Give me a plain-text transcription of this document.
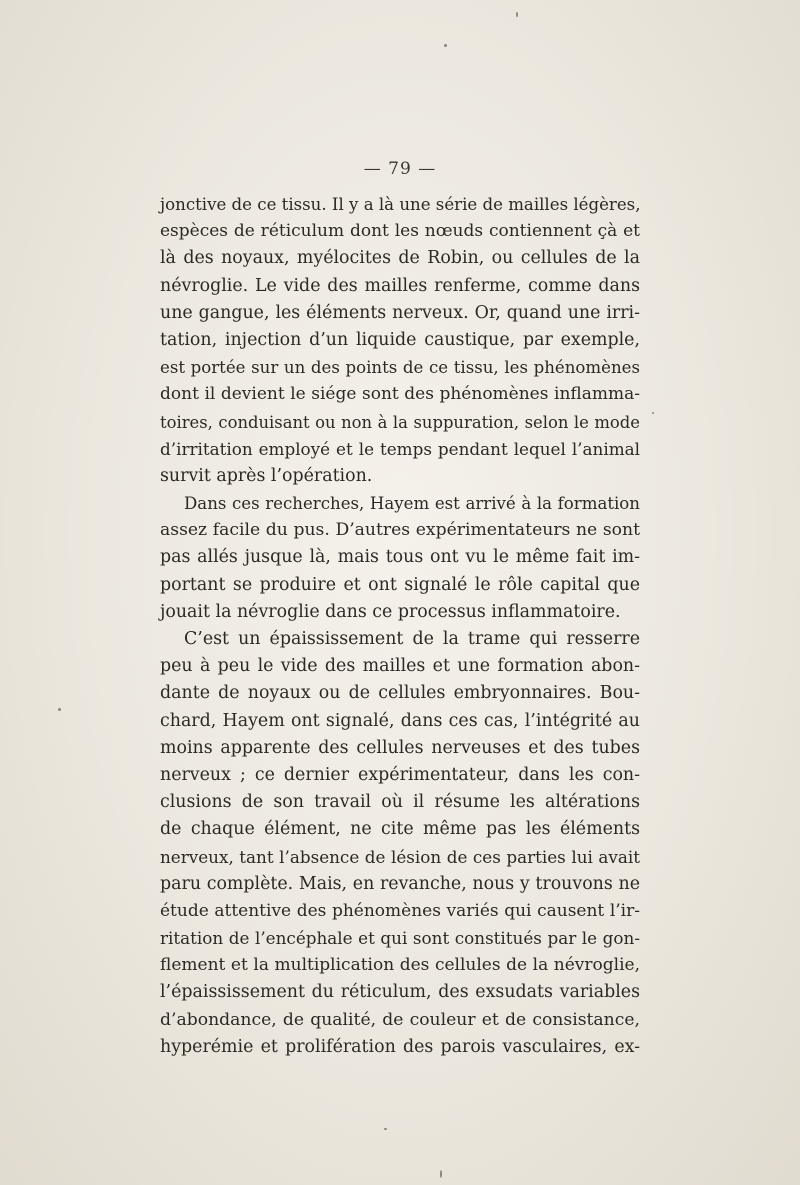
— 79 —
jonctive de ce tissu. Il y a là une série de mailles légères,
espèces de réticulum dont les nœuds contiennent çà et
là des noyaux, myélocites de Robin, ou cellules de la
névroglie. Le vide des mailles renferme, comme dans
une gangue, les éléments nerveux. Or, quand une irri-
tation, injection d’un liquide caustique, par exemple,
est portée sur un des points de ce tissu, les phénomènes
dont il devient le siége sont des phénomènes inflamma-
toires, conduisant ou non à la suppuration, selon le mode
d’irritation employé et le temps pendant lequel l’animal
survit après l’opération.
Dans ces recherches, Hayem est arrivé à la formation
assez facile du pus. D’autres expérimentateurs ne sont
pas allés jusque là, mais tous ont vu le même fait im-
portant se produire et ont signalé le rôle capital que
jouait la névroglie dans ce processus inflammatoire.
C’est un épaississement de la trame qui resserre
peu à peu le vide des mailles et une formation abon-
dante de noyaux ou de cellules embryonnaires. Bou-
chard, Hayem ont signalé, dans ces cas, l’intégrité au
moins apparente des cellules nerveuses et des tubes
nerveux ; ce dernier expérimentateur, dans les con-
clusions de son travail où il résume les altérations
de chaque élément, ne cite même pas les éléments
nerveux, tant l’absence de lésion de ces parties lui avait
paru complète. Mais, en revanche, nous y trouvons ne
étude attentive des phénomènes variés qui causent l’ir-
ritation de l’encéphale et qui sont constitués par le gon-
flement et la multiplication des cellules de la névroglie,
l’épaississement du réticulum, des exsudats variables
d’abondance, de qualité, de couleur et de consistance,
hyperémie et prolifération des parois vasculaires, ex-
